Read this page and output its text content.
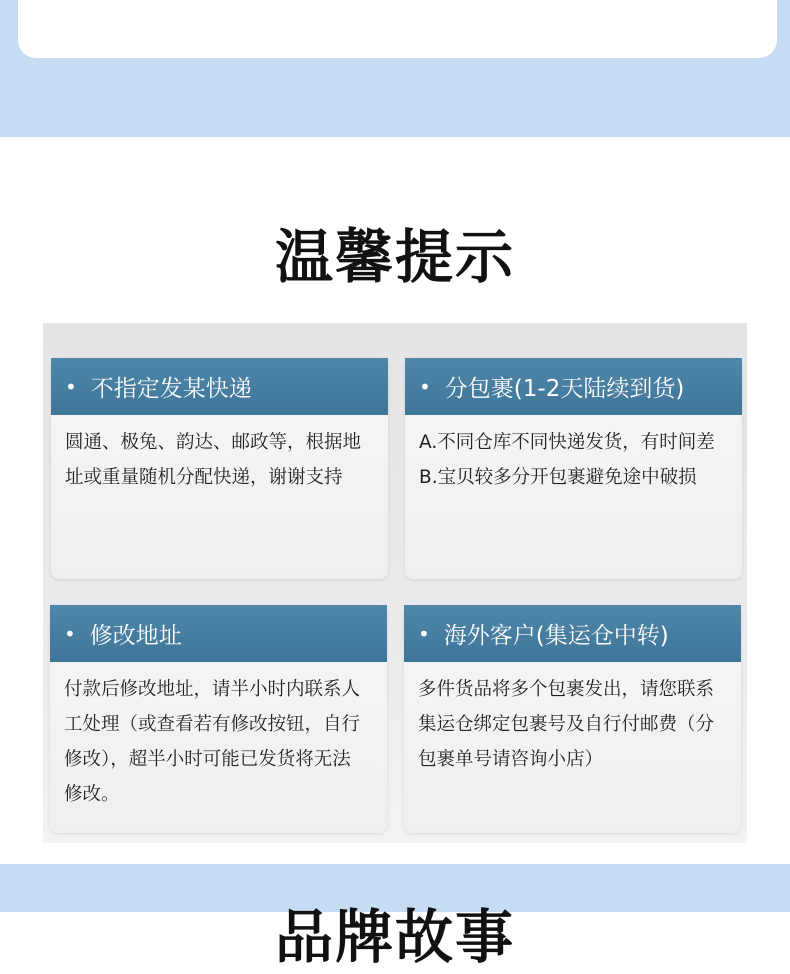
温馨提示
• 不指定发某快递
圆通、极兔、韵达、邮政等，根据地
址或重量随机分配快递，谢谢支持
• 分包裹(1-2天陆续到货)
A.不同仓库不同快递发货，有时间差
B.宝贝较多分开包裹避免途中破损
• 修改地址
付款后修改地址，请半小时内联系人
工处理（或查看若有修改按钮，自行
修改），超半小时可能已发货将无法
修改。
• 海外客户(集运仓中转)
多件货品将多个包裹发出，请您联系
集运仓绑定包裹号及自行付邮费（分
包裹单号请咨询小店）
品牌故事
